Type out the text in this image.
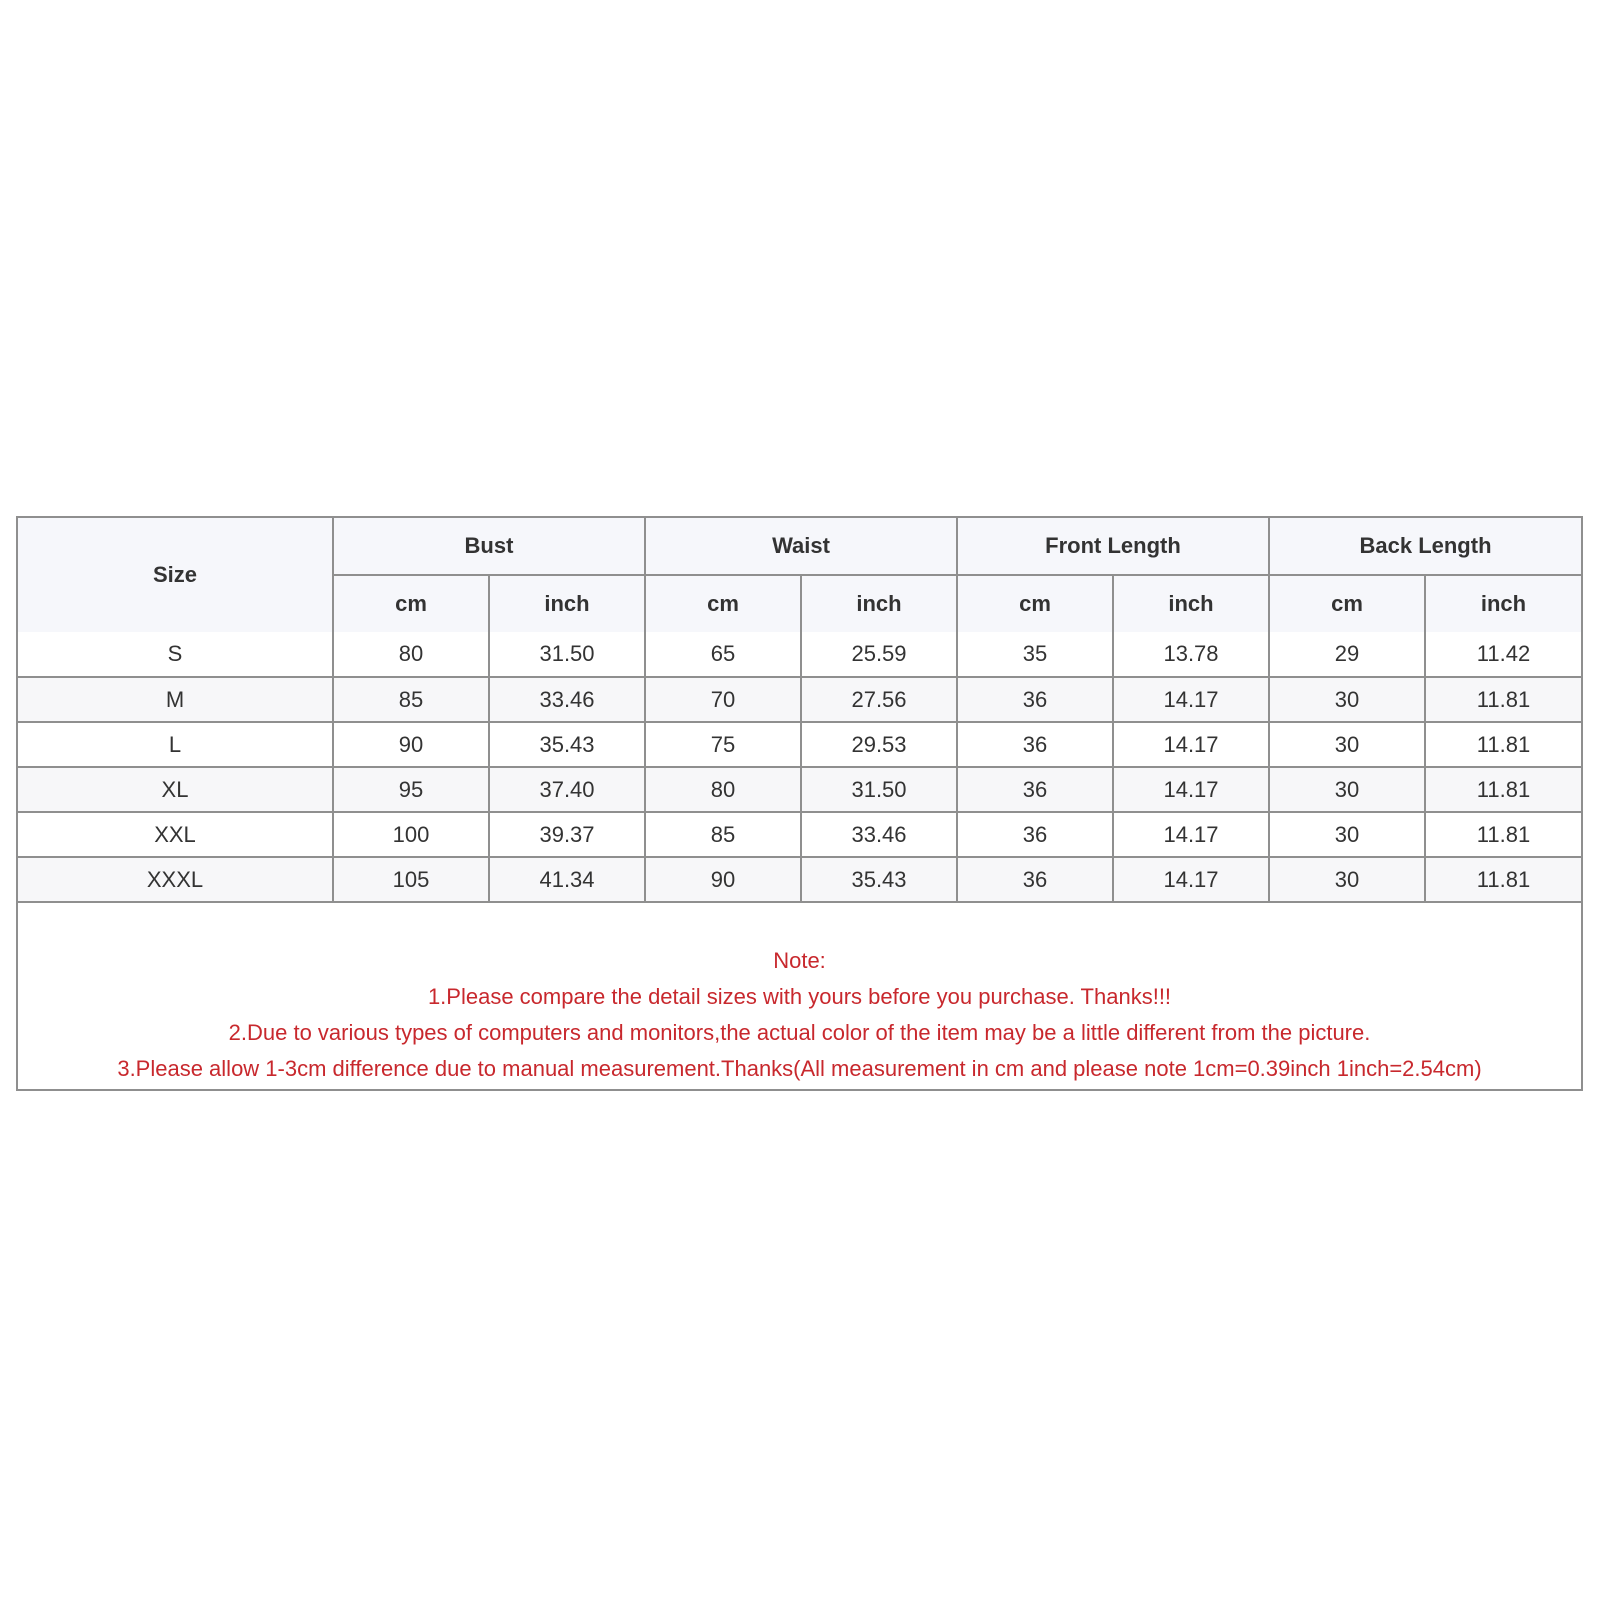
Size	Bust		Waist		Front Length		Back Length	
	cm	inch	cm	inch	cm	inch	cm	inch
S	80	31.50	65	25.59	35	13.78	29	11.42
M	85	33.46	70	27.56	36	14.17	30	11.81
L	90	35.43	75	29.53	36	14.17	30	11.81
XL	95	37.40	80	31.50	36	14.17	30	11.81
XXL	100	39.37	85	33.46	36	14.17	30	11.81
XXXL	105	41.34	90	35.43	36	14.17	30	11.81
Note:
1.Please compare the detail sizes with yours before you purchase. Thanks!!!
2.Due to various types of computers and monitors,the actual color of the item may be a little different from the picture.
3.Please allow 1-3cm difference due to manual measurement.Thanks(All measurement in cm and please note 1cm=0.39inch 1inch=2.54cm)
